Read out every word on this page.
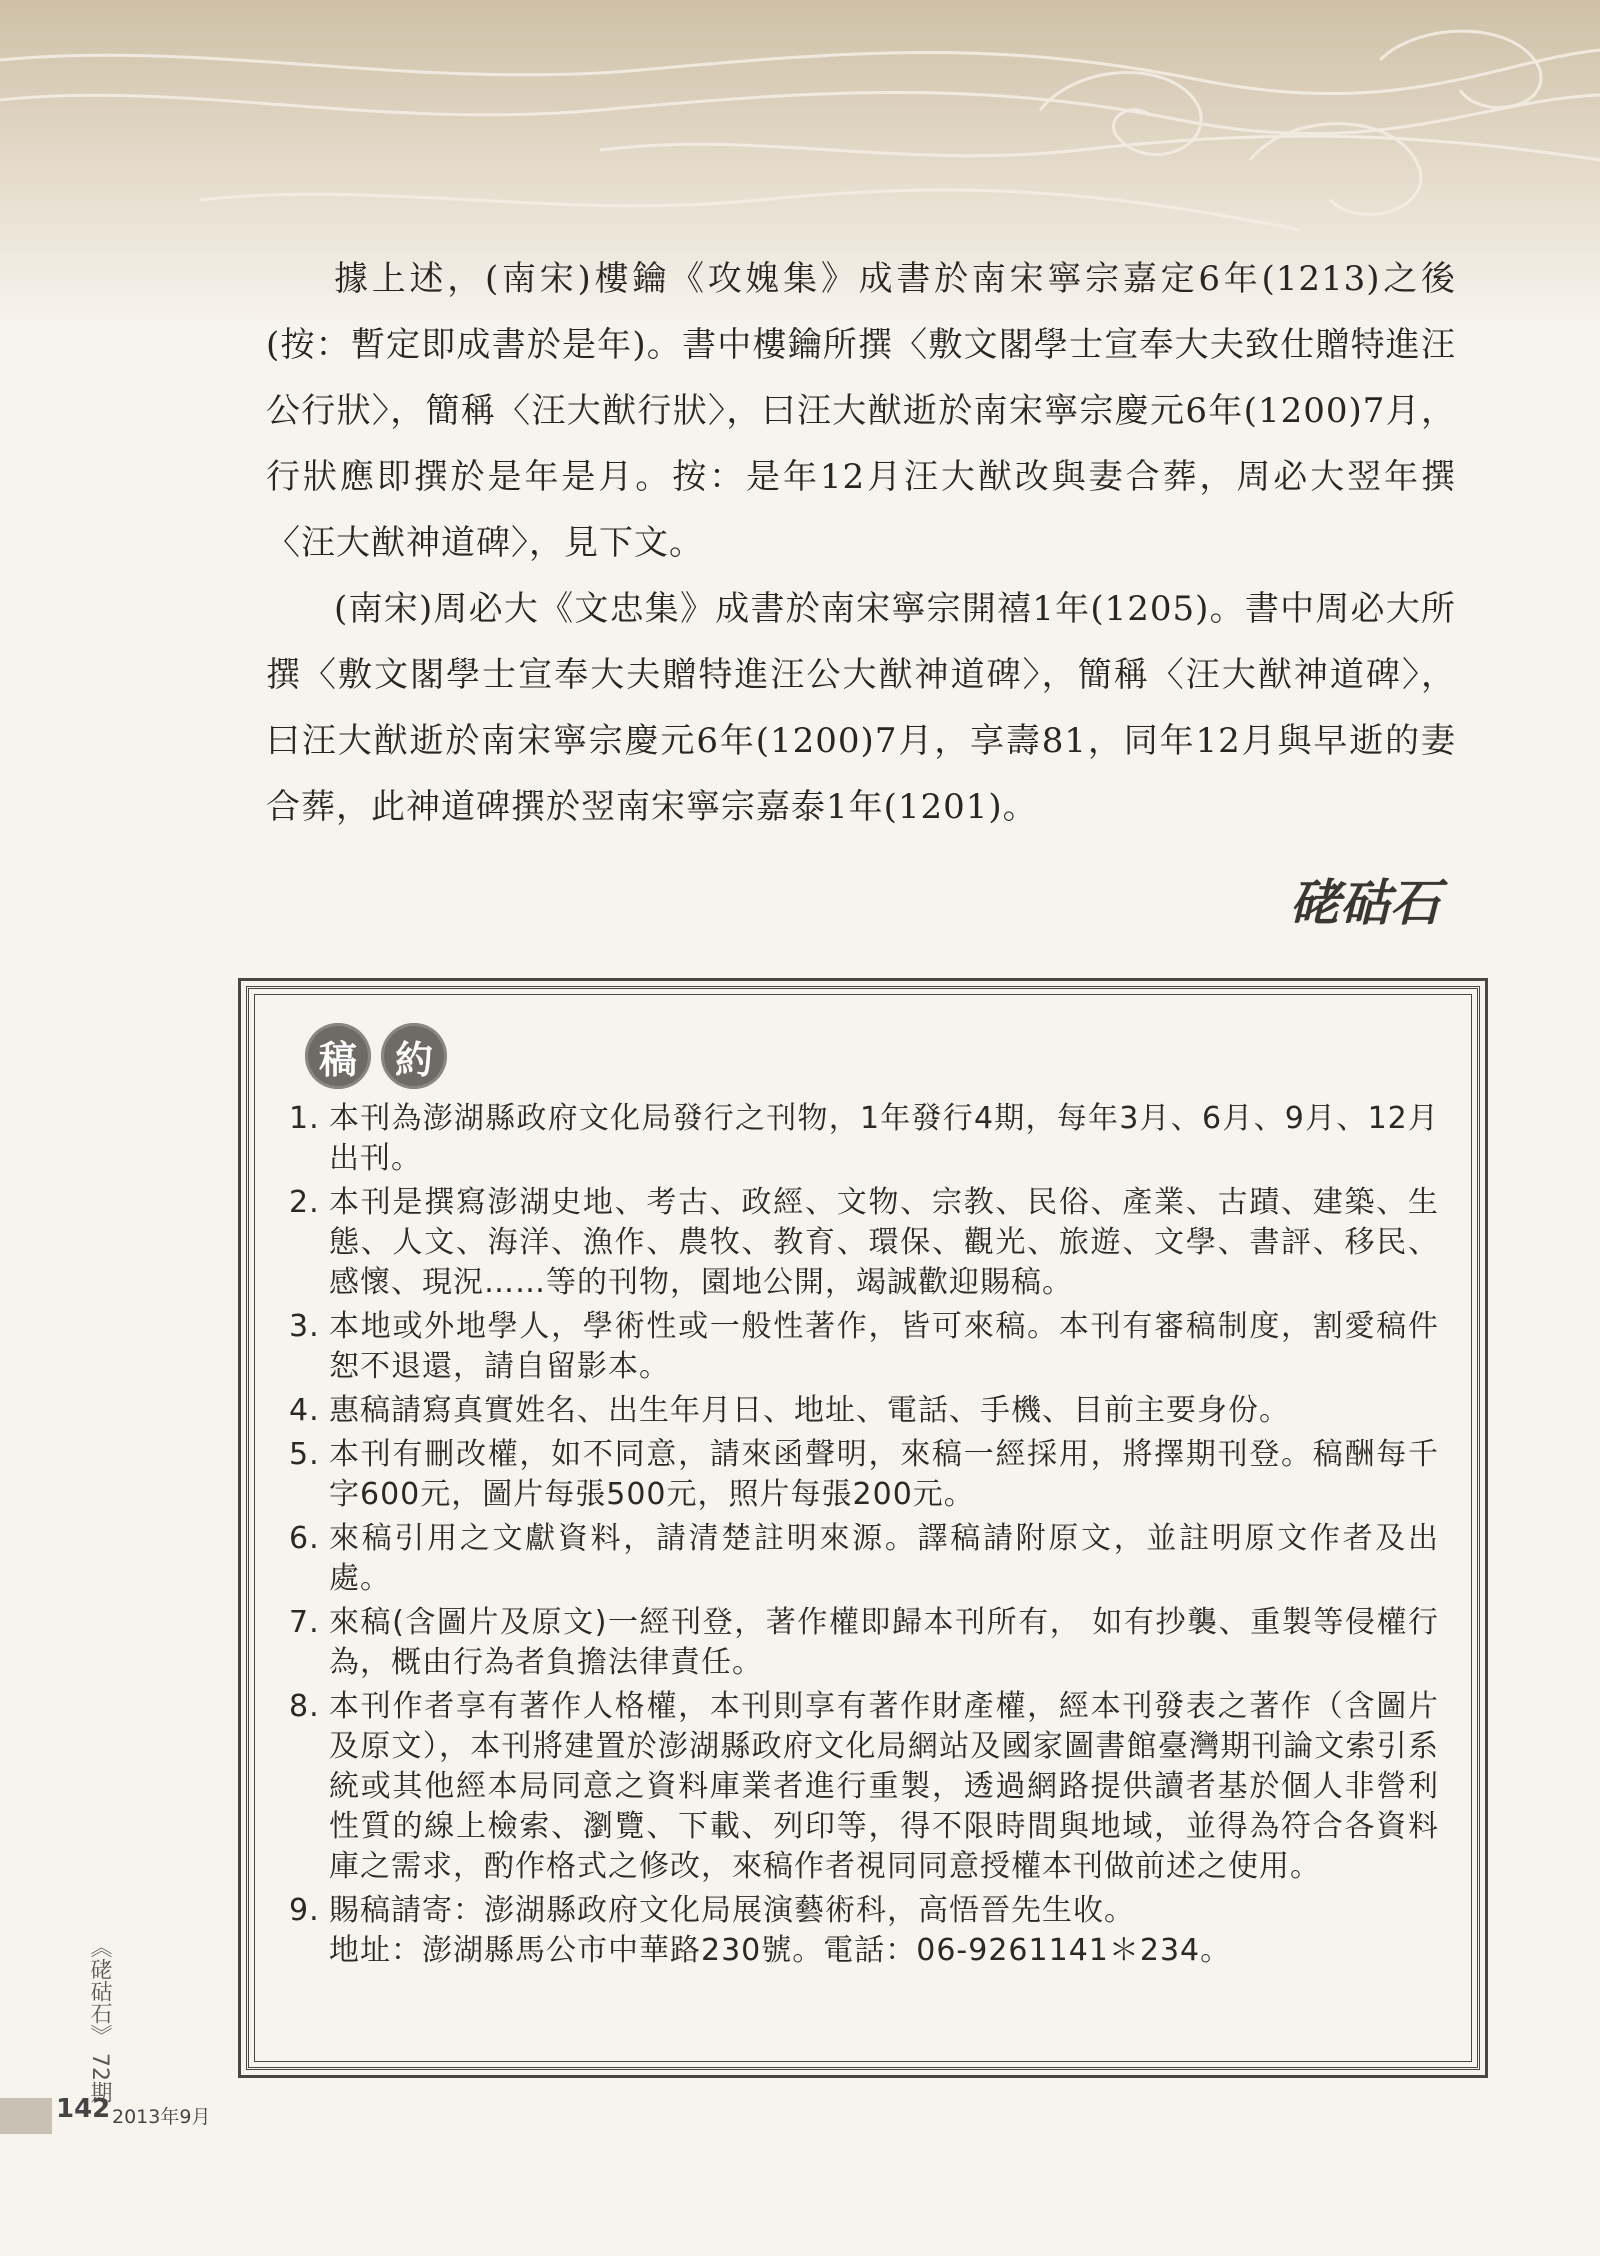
據上述，(南宋)樓鑰《攻媿集》成書於南宋寧宗嘉定6年(1213)之後(按：暫定即成書於是年)。書中樓鑰所撰〈敷文閣學士宣奉大夫致仕贈特進汪公行狀〉，簡稱〈汪大猷行狀〉，曰汪大猷逝於南宋寧宗慶元6年(1200)7月，行狀應即撰於是年是月。按：是年12月汪大猷改與妻合葬，周必大翌年撰〈汪大猷神道碑〉，見下文。

(南宋)周必大《文忠集》成書於南宋寧宗開禧1年(1205)。書中周必大所撰〈敷文閣學士宣奉大夫贈特進汪公大猷神道碑〉，簡稱〈汪大猷神道碑〉，曰汪大猷逝於南宋寧宗慶元6年(1200)7月，享壽81，同年12月與早逝的妻合葬，此神道碑撰於翌南宋寧宗嘉泰1年(1201)。

硓𥑮石
稿 約
1. 本刊為澎湖縣政府文化局發行之刊物，1年發行4期，每年3月、6月、9月、12月出刊。
2. 本刊是撰寫澎湖史地、考古、政經、文物、宗教、民俗、產業、古蹟、建築、生態、人文、海洋、漁作、農牧、教育、環保、觀光、旅遊、文學、書評、移民、感懷、現況……等的刊物，園地公開，竭誠歡迎賜稿。
3. 本地或外地學人，學術性或一般性著作，皆可來稿。本刊有審稿制度，割愛稿件恕不退還，請自留影本。
4. 惠稿請寫真實姓名、出生年月日、地址、電話、手機、目前主要身份。
5. 本刊有刪改權，如不同意，請來函聲明，來稿一經採用，將擇期刊登。稿酬每千字600元，圖片每張500元，照片每張200元。
6. 來稿引用之文獻資料，請清楚註明來源。譯稿請附原文，並註明原文作者及出處。
7. 來稿(含圖片及原文)一經刊登，著作權即歸本刊所有， 如有抄襲、重製等侵權行為，概由行為者負擔法律責任。
8. 本刊作者享有著作人格權，本刊則享有著作財產權，經本刊發表之著作（含圖片及原文），本刊將建置於澎湖縣政府文化局網站及國家圖書館臺灣期刊論文索引系統或其他經本局同意之資料庫業者進行重製，透過網路提供讀者基於個人非營利性質的線上檢索、瀏覽、下載、列印等，得不限時間與地域，並得為符合各資料庫之需求，酌作格式之修改，來稿作者視同同意授權本刊做前述之使用。
9. 賜稿請寄：澎湖縣政府文化局展演藝術科，高悟晉先生收。
地址：澎湖縣馬公市中華路230號。電話：06-9261141＊234。
《硓𥑮石》 72期
142 2013年9月
